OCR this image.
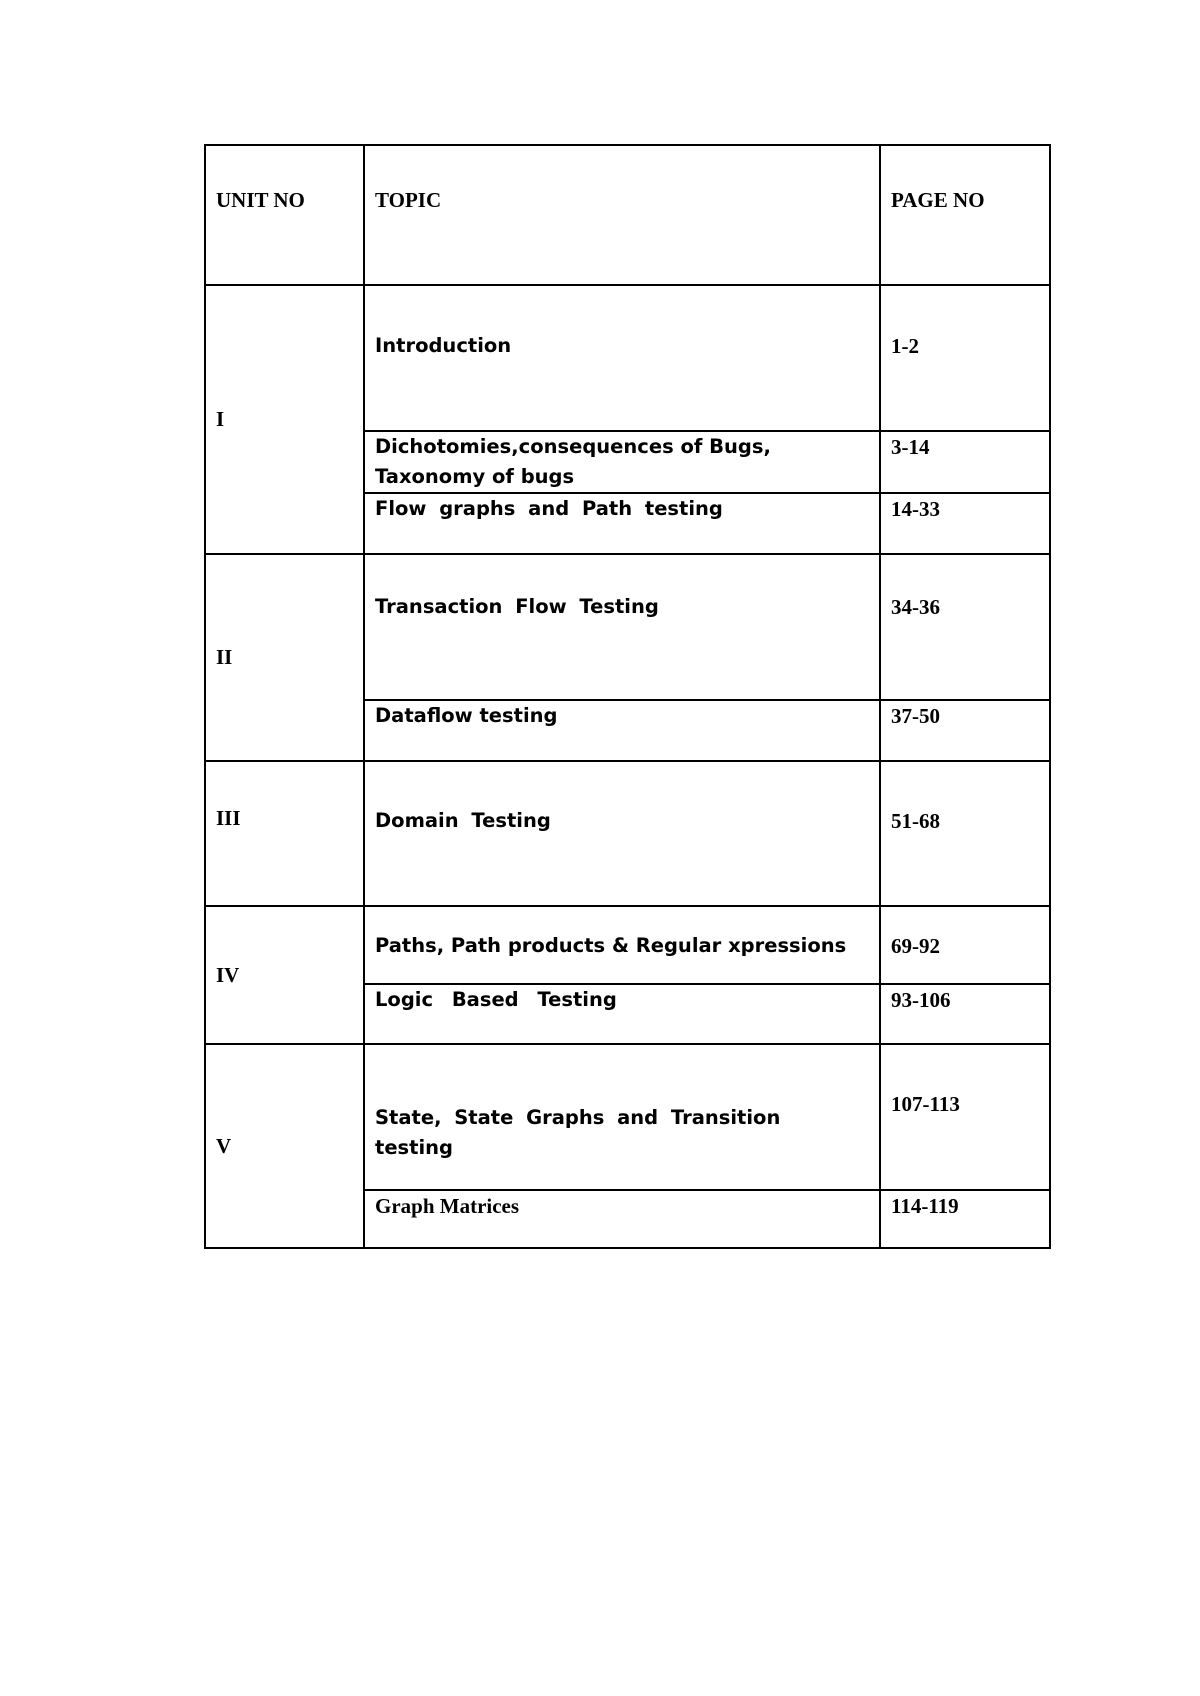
UNIT NO	TOPIC	PAGE NO
I	Introduction	1-2
	Dichotomies,consequences of Bugs, Taxonomy of bugs	3-14
	Flow graphs and Path testing	14-33
II	Transaction Flow Testing	34-36
	Dataflow testing	37-50
III	Domain Testing	51-68
IV	Paths, Path products & Regular xpressions	69-92
	Logic Based Testing	93-106
V	State, State Graphs and Transition testing	107-113
	Graph Matrices	114-119
